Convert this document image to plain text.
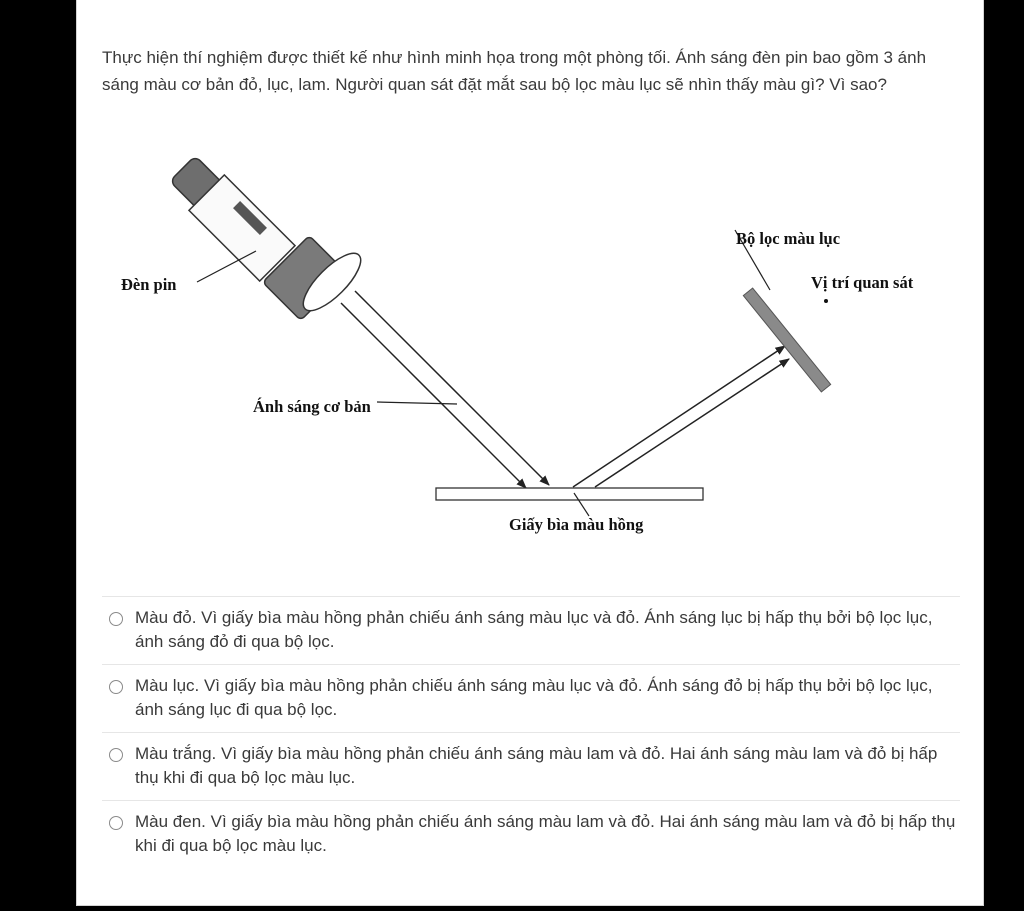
Thực hiện thí nghiệm được thiết kế như hình minh họa trong một phòng tối. Ánh sáng đèn pin bao gồm 3 ánh sáng màu cơ bản đỏ, lục, lam. Người quan sát đặt mắt sau bộ lọc màu lục sẽ nhìn thấy màu gì? Vì sao?

Đèn pin
Ánh sáng cơ bản
Giấy bìa màu hồng
Bộ lọc màu lục
Vị trí quan sát
Màu đỏ. Vì giấy bìa màu hồng phản chiếu ánh sáng màu lục và đỏ. Ánh sáng lục bị hấp thụ bởi bộ lọc lục, ánh sáng đỏ đi qua bộ lọc.
Màu lục. Vì giấy bìa màu hồng phản chiếu ánh sáng màu lục và đỏ. Ánh sáng đỏ bị hấp thụ bởi bộ lọc lục, ánh sáng lục đi qua bộ lọc.
Màu trắng. Vì giấy bìa màu hồng phản chiếu ánh sáng màu lam và đỏ. Hai ánh sáng màu lam và đỏ bị hấp thụ khi đi qua bộ lọc màu lục.
Màu đen. Vì giấy bìa màu hồng phản chiếu ánh sáng màu lam và đỏ. Hai ánh sáng màu lam và đỏ bị hấp thụ khi đi qua bộ lọc màu lục.
